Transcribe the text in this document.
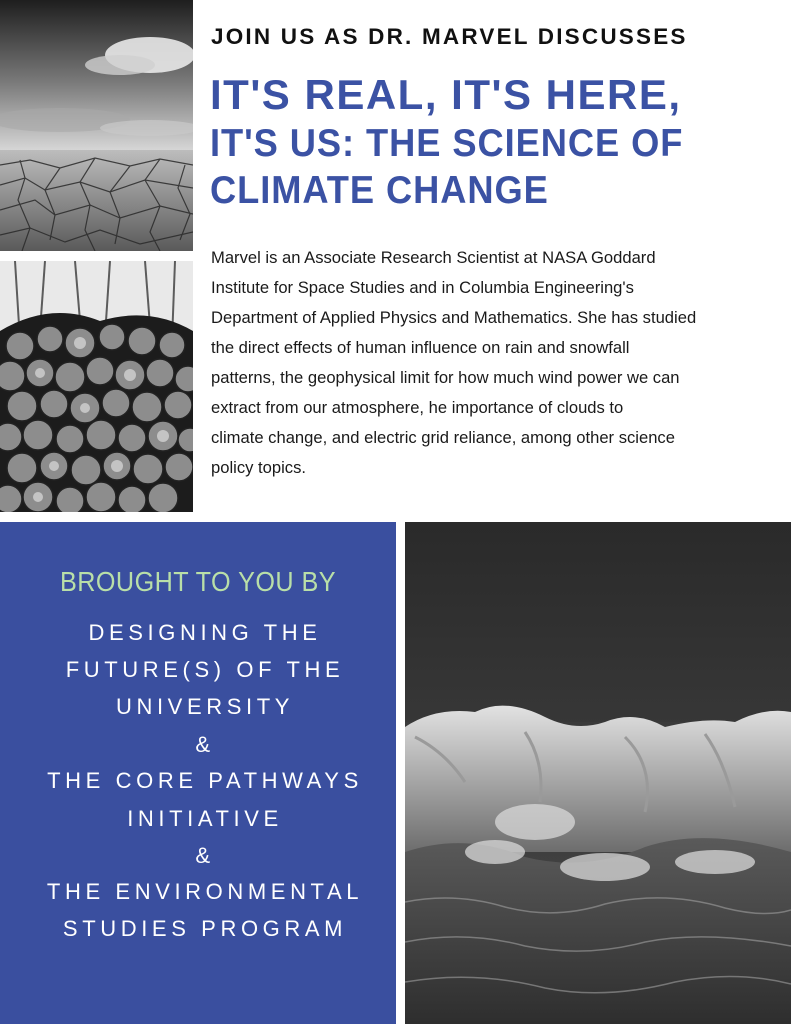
JOIN US AS DR. MARVEL DISCUSSES
IT'S REAL, IT'S HERE,
IT'S US: THE SCIENCE OF
CLIMATE CHANGE
Marvel is an Associate Research Scientist at NASA Goddard
Institute for Space Studies and in Columbia Engineering's
Department of Applied Physics and Mathematics. She has studied
the direct effects of human influence on rain and snowfall
patterns, the geophysical limit for how much wind power we can
extract from our atmosphere, he importance of clouds to
climate change, and electric grid reliance, among other science
policy topics.
BROUGHT TO YOU BY
DESIGNING THE
FUTURE(S) OF THE
UNIVERSITY
&
THE CORE PATHWAYS
INITIATIVE
&
THE ENVIRONMENTAL
STUDIES PROGRAM
